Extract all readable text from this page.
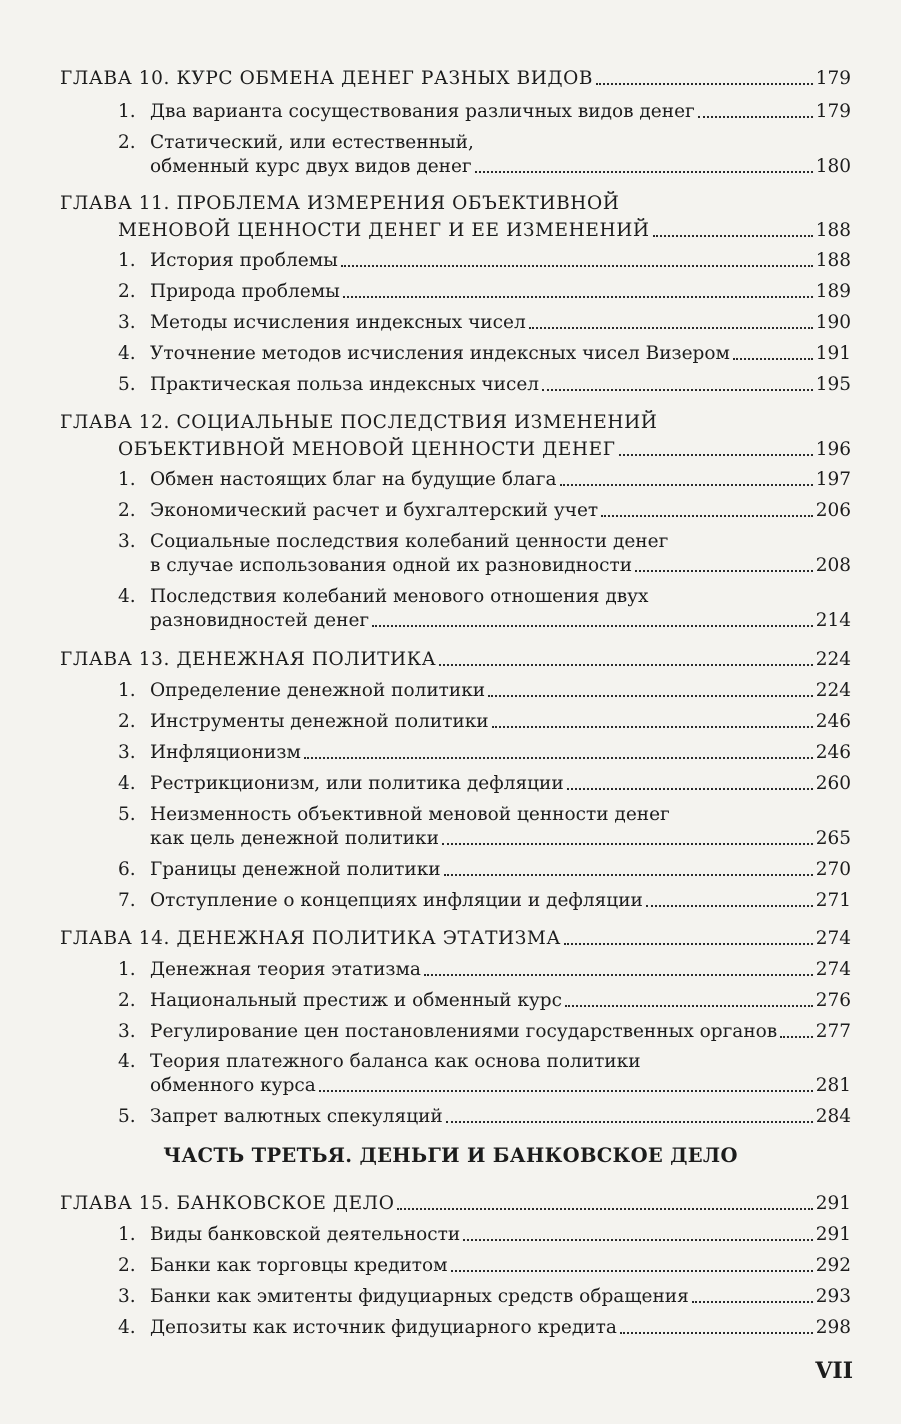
ГЛАВА 10. КУРС ОБМЕНА ДЕНЕГ РАЗНЫХ ВИДОВ	179
1. Два варианта сосуществования различных видов денег	179
2. Статический, или естественный,
обменный курс двух видов денег	180
ГЛАВА 11. ПРОБЛЕМА ИЗМЕРЕНИЯ ОБЪЕКТИВНОЙ
МЕНОВОЙ ЦЕННОСТИ ДЕНЕГ И ЕЕ ИЗМЕНЕНИЙ	188
1. История проблемы	188
2. Природа проблемы	189
3. Методы исчисления индексных чисел	190
4. Уточнение методов исчисления индексных чисел Визером	191
5. Практическая польза индексных чисел	195
ГЛАВА 12. СОЦИАЛЬНЫЕ ПОСЛЕДСТВИЯ ИЗМЕНЕНИЙ
ОБЪЕКТИВНОЙ МЕНОВОЙ ЦЕННОСТИ ДЕНЕГ	196
1. Обмен настоящих благ на будущие блага	197
2. Экономический расчет и бухгалтерский учет	206
3. Социальные последствия колебаний ценности денег
в случае использования одной их разновидности	208
4. Последствия колебаний менового отношения двух
разновидностей денег	214
ГЛАВА 13. ДЕНЕЖНАЯ ПОЛИТИКА	224
1. Определение денежной политики	224
2. Инструменты денежной политики	246
3. Инфляционизм	246
4. Рестрикционизм, или политика дефляции	260
5. Неизменность объективной меновой ценности денег
как цель денежной политики	265
6. Границы денежной политики	270
7. Отступление о концепциях инфляции и дефляции	271
ГЛАВА 14. ДЕНЕЖНАЯ ПОЛИТИКА ЭТАТИЗМА	274
1. Денежная теория этатизма	274
2. Национальный престиж и обменный курс	276
3. Регулирование цен постановлениями государственных органов 277
4. Теория платежного баланса как основа политики
обменного курса	281
5. Запрет валютных спекуляций	284
ГЛАВА 15. БАНКОВСКОЕ ДЕЛО	291
1. Виды банковской деятельности	291
2. Банки как торговцы кредитом	292
3. Банки как эмитенты фидуциарных средств обращения	293
4. Депозиты как источник фидуциарного кредита	298
ЧАСТЬ ТРЕТЬЯ. ДЕНЬГИ И БАНКОВСКОЕ ДЕЛО
VII
